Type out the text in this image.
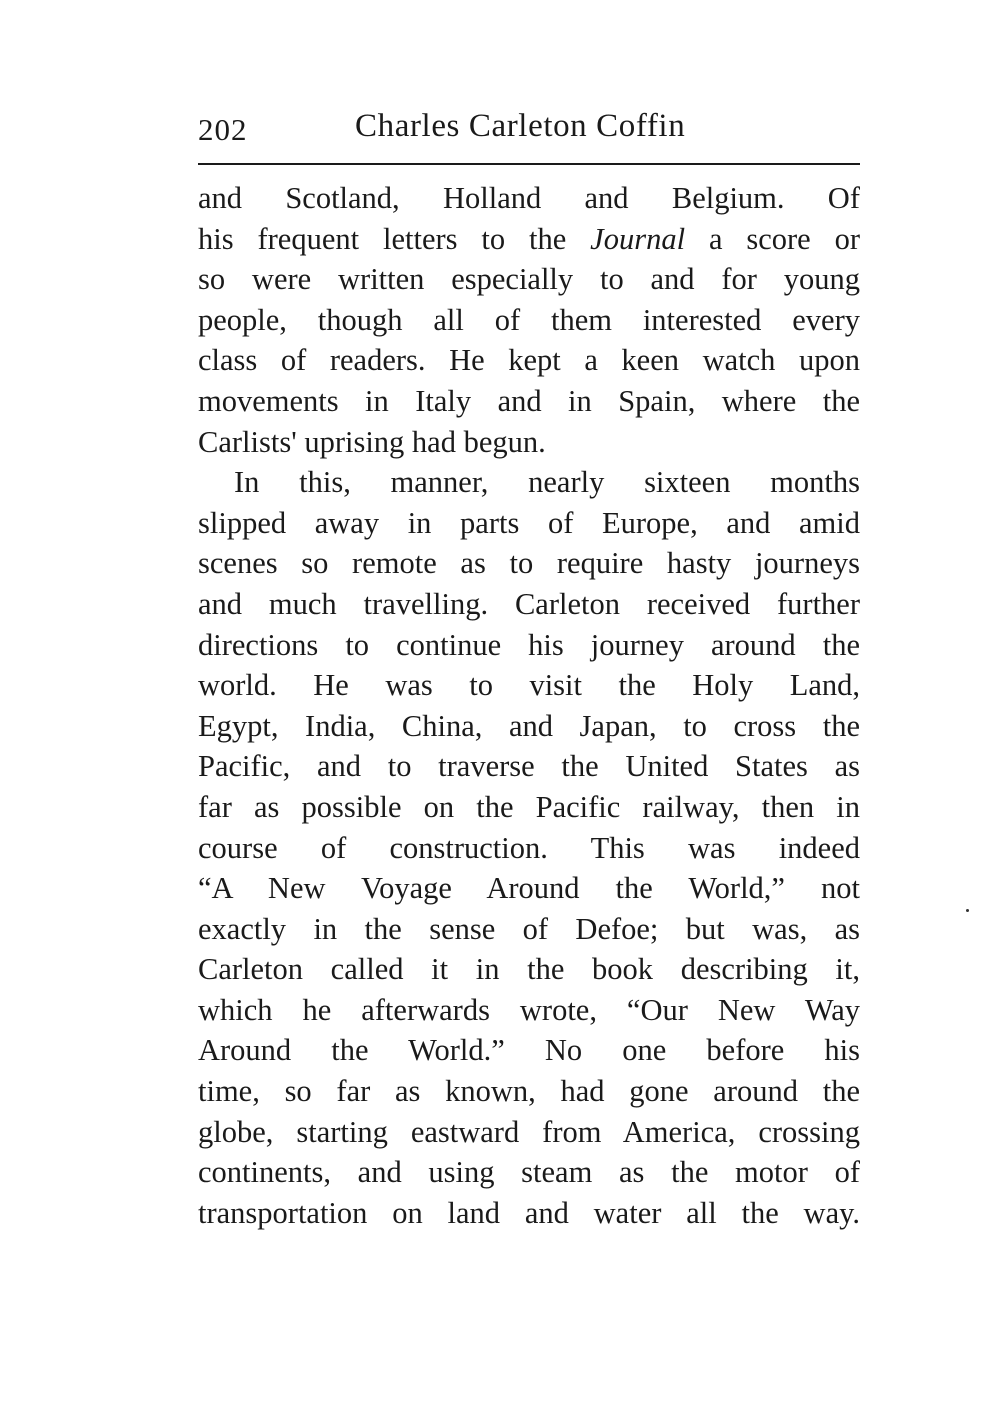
202	Charles Carleton Coffin
and Scotland, Holland and Belgium. Of
his frequent letters to the Journal a score or
so were written especially to and for young
people, though all of them interested every
class of readers. He kept a keen watch upon
movements in Italy and in Spain, where the
Carlists' uprising had begun.
In this, manner, nearly sixteen months
slipped away in parts of Europe, and amid
scenes so remote as to require hasty journeys
and much travelling. Carleton received further
directions to continue his journey around the
world. He was to visit the Holy Land,
Egypt, India, China, and Japan, to cross the
Pacific, and to traverse the United States as
far as possible on the Pacific railway, then in
course of construction. This was indeed
“A New Voyage Around the World,” not
exactly in the sense of Defoe; but was, as
Carleton called it in the book describing it,
which he afterwards wrote, “Our New Way
Around the World.” No one before his
time, so far as known, had gone around the
globe, starting eastward from America, crossing
continents, and using steam as the motor of
transportation on land and water all the way.
